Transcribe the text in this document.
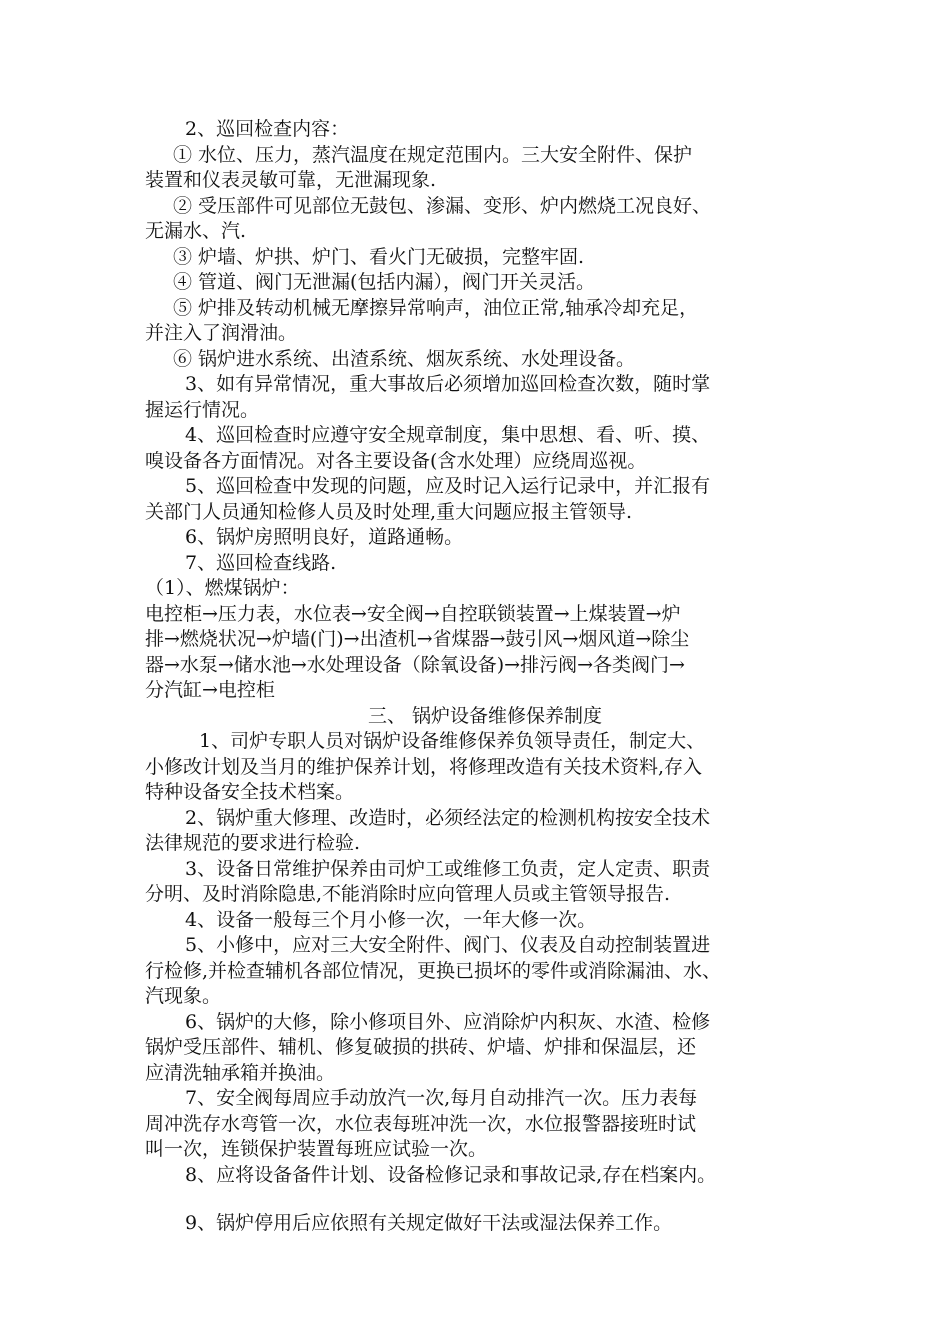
2、巡回检查内容：
① 水位、压力，蒸汽温度在规定范围内。三大安全附件、保护
装置和仪表灵敏可靠，无泄漏现象.
② 受压部件可见部位无鼓包、渗漏、变形、炉内燃烧工况良好、
无漏水、汽.
③ 炉墙、炉拱、炉门、看火门无破损，完整牢固.
④ 管道、阀门无泄漏(包括内漏），阀门开关灵活。
⑤ 炉排及转动机械无摩擦异常响声，油位正常,轴承冷却充足，
并注入了润滑油。
⑥ 锅炉进水系统、出渣系统、烟灰系统、水处理设备。
3、如有异常情况，重大事故后必须增加巡回检查次数，随时掌
握运行情况。
4、巡回检查时应遵守安全规章制度，集中思想、看、听、摸、
嗅设备各方面情况。对各主要设备(含水处理）应绕周巡视。
5、巡回检查中发现的问题，应及时记入运行记录中，并汇报有
关部门人员通知检修人员及时处理,重大问题应报主管领导.
6、锅炉房照明良好，道路通畅。
7、巡回检查线路.
（1）、燃煤锅炉：
电控柜→压力表，水位表→安全阀→自控联锁装置→上煤装置→炉
排→燃烧状况→炉墙(门)→出渣机→省煤器→鼓引风→烟风道→除尘
器→水泵→储水池→水处理设备（除氧设备)→排污阀→各类阀门→
分汽缸→电控柜
三、 锅炉设备维修保养制度
1、司炉专职人员对锅炉设备维修保养负领导责任，制定大、
小修改计划及当月的维护保养计划，将修理改造有关技术资料,存入
特种设备安全技术档案。
2、锅炉重大修理、改造时，必须经法定的检测机构按安全技术
法律规范的要求进行检验.
3、设备日常维护保养由司炉工或维修工负责，定人定责、职责
分明、及时消除隐患,不能消除时应向管理人员或主管领导报告.
4、设备一般每三个月小修一次，一年大修一次。
5、小修中，应对三大安全附件、阀门、仪表及自动控制装置进
行检修,并检查辅机各部位情况，更换已损坏的零件或消除漏油、水、
汽现象。
6、锅炉的大修，除小修项目外、应消除炉内积灰、水渣、检修
锅炉受压部件、辅机、修复破损的拱砖、炉墙、炉排和保温层，还
应清洗轴承箱并换油。
7、安全阀每周应手动放汽一次,每月自动排汽一次。压力表每
周冲洗存水弯管一次，水位表每班冲洗一次，水位报警器接班时试
叫一次，连锁保护装置每班应试验一次。
8、应将设备备件计划、设备检修记录和事故记录,存在档案内。
9、锅炉停用后应依照有关规定做好干法或湿法保养工作。
